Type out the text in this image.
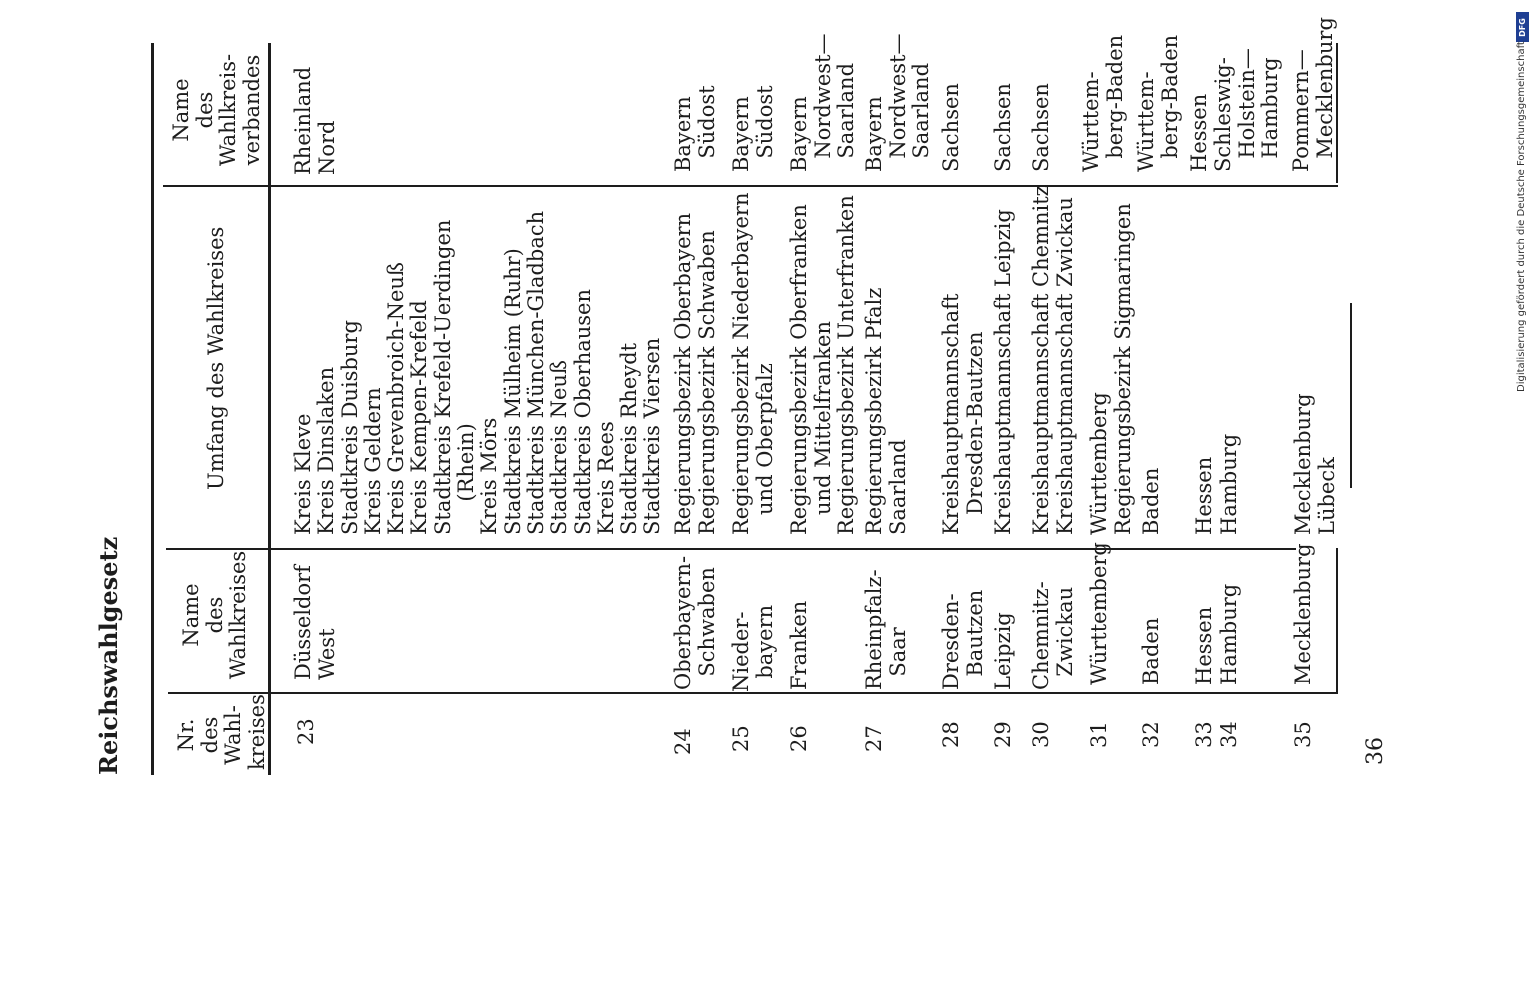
Reichswahlgesetz Nr.
des
Wahl-
kreises
Name
des
Wahlkreises
Umfang des Wahlkreises
Name
des
Wahlkreis-
verbandes
23
Düsseldorf
West
Kreis Kleve
Kreis Dinslaken
Stadtkreis Duisburg
Kreis Geldern
Kreis Grevenbroich-Neuß
Kreis Kempen-Krefeld
Stadtkreis Krefeld-Uerdingen
(Rhein)
Kreis Mörs
Stadtkreis Mülheim (Ruhr)
Stadtkreis München-Gladbach
Stadtkreis Neuß
Stadtkreis Oberhausen
Kreis Rees
Stadtkreis Rheydt
Stadtkreis Viersen
Rheinland
Nord
24
Oberbayern-
Schwaben
Regierungsbezirk Oberbayern
Regierungsbezirk Schwaben
Bayern
Südost
25
Nieder-
bayern
Regierungsbezirk Niederbayern
und Oberpfalz
Bayern
Südost
26
Franken
Regierungsbezirk Oberfranken
und Mittelfranken
Regierungsbezirk Unterfranken
Bayern
Nordwest—
Saarland
27
Rheinpfalz-
Saar
Regierungsbezirk Pfalz
Saarland
Bayern
Nordwest—
Saarland
28
Dresden-
Bautzen
Kreishauptmannschaft
Dresden-Bautzen
Sachsen
29
Leipzig
Kreishauptmannschaft Leipzig
Sachsen
30
Chemnitz-
Zwickau
Kreishauptmannschaft Chemnitz
Kreishauptmannschaft Zwickau
Sachsen
31
Württemberg
Württemberg
Regierungsbezirk Sigmaringen
Württem-
berg-Baden
32
Baden
Baden
Württem-
berg-Baden
33
Hessen
Hessen
Hessen
34
Hamburg
Hamburg
Schleswig-
Holstein—
Hamburg
35
Mecklenburg
Mecklenburg
Lübeck
Pommern—
Mecklenburg
36
DFG
Digitalisierung gefördert durch die Deutsche Forschungsgemeinschaft
